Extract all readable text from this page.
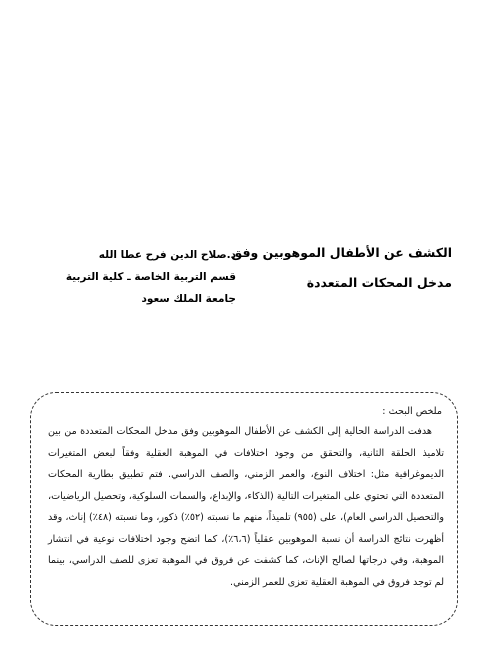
الكشف عن الأطفال الموهوبين وفق
مدخل المحكات المتعددة
د.صلاح الدين فرح عطا الله
قسم التربية الخاصة ـ كلية التربية
جامعة الملك سعود
ملخص البحث :
هدفت الدراسة الحالية إلى الكشف عن الأطفال الموهوبين وفق مدخل المحكات المتعددة من بين تلاميذ الحلقة الثانية، والتحقق من وجود اختلافات في الموهبة العقلية وفقاً لبعض المتغيرات الديموغرافية مثل: اختلاف النوع، والعمر الزمني، والصف الدراسي. فتم تطبيق بطارية المحكات المتعددة التي تحتوي على المتغيرات التالية (الذكاء، والإبداع، والسمات السلوكية، وتحصيل الرياضيات، والتحصيل الدراسي العام)، على (٩٥٥) تلميذاً، منهم ما نسبته (٥٢٪) ذكور، وما نسبته (٤٨٪) إناث، وقد أظهرت نتائج الدراسة أن نسبة الموهوبين عقلياً (٦،٦٪)، كما اتضح وجود اختلافات نوعية في انتشار الموهبة، وفي درجاتها لصالح الإناث، كما كشفت عن فروق في الموهبة تعزى للصف الدراسي، بينما لم توجد فروق في الموهبة العقلية تعزى للعمر الزمني.
